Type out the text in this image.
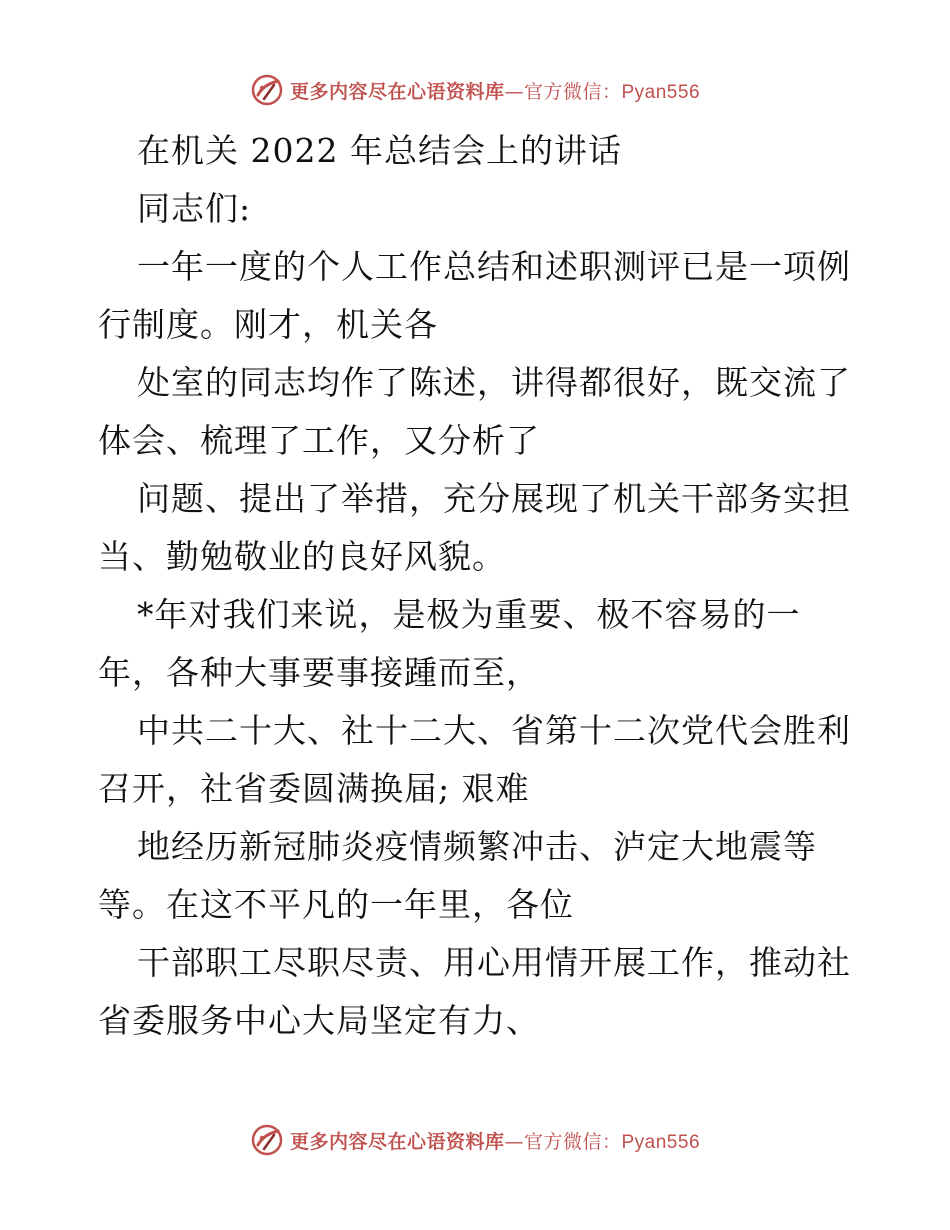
更多内容尽在心语资料库—官方微信：Pyan556
在机关 2022 年总结会上的讲话
同志们:
一年一度的个人工作总结和述职测评已是一项例
行制度。刚才，机关各
处室的同志均作了陈述，讲得都很好，既交流了
体会、梳理了工作，又分析了
问题、提出了举措，充分展现了机关干部务实担
当、勤勉敬业的良好风貌。
*年对我们来说，是极为重要、极不容易的一
年，各种大事要事接踵而至，
中共二十大、社十二大、省第十二次党代会胜利
召开，社省委圆满换届; 艰难
地经历新冠肺炎疫情频繁冲击、泸定大地震等
等。在这不平凡的一年里，各位
干部职工尽职尽责、用心用情开展工作，推动社
省委服务中心大局坚定有力、
更多内容尽在心语资料库—官方微信：Pyan556
